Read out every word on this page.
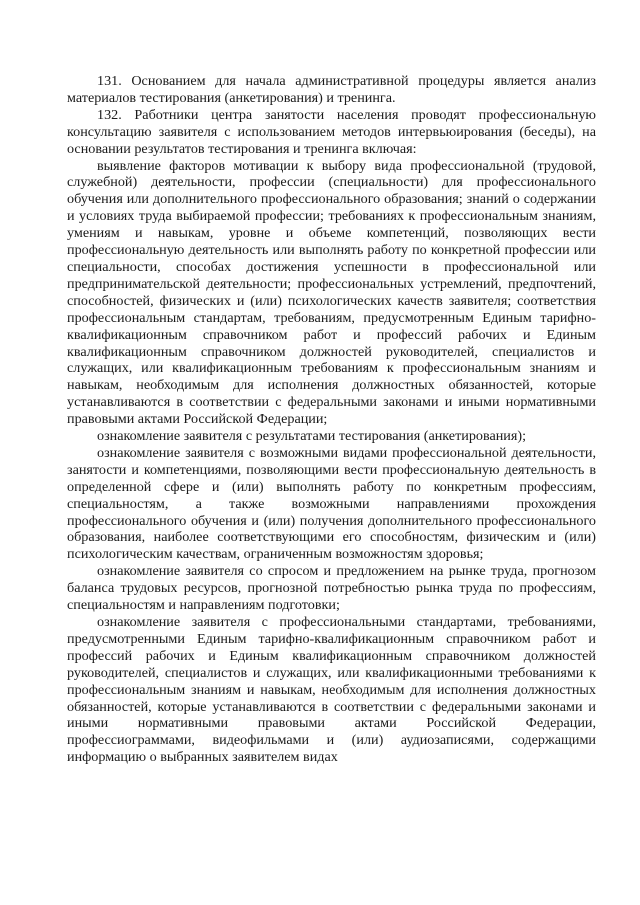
131. Основанием для начала административной процедуры является анализ материалов тестирования (анкетирования) и тренинга.

132. Работники центра занятости населения проводят профессиональную консультацию заявителя с использованием методов интервьюирования (беседы), на основании результатов тестирования и тренинга включая:

выявление факторов мотивации к выбору вида профессиональной (трудовой, служебной) деятельности, профессии (специальности) для профессионального обучения или дополнительного профессионального образования; знаний о содержании и условиях труда выбираемой профессии; требованиях к профессиональным знаниям, умениям и навыкам, уровне и объеме компетенций, позволяющих вести профессиональную деятельность или выполнять работу по конкретной профессии или специальности, способах достижения успешности в профессиональной или предпринимательской деятельности; профессиональных устремлений, предпочтений, способностей, физических и (или) психологических качеств заявителя; соответствия профессиональным стандартам, требованиям, предусмотренным Единым тарифно-квалификационным справочником работ и профессий рабочих и Единым квалификационным справочником должностей руководителей, специалистов и служащих, или квалификационным требованиям к профессиональным знаниям и навыкам, необходимым для исполнения должностных обязанностей, которые устанавливаются в соответствии с федеральными законами и иными нормативными правовыми актами Российской Федерации;

ознакомление заявителя с результатами тестирования (анкетирования);

ознакомление заявителя с возможными видами профессиональной деятельности, занятости и компетенциями, позволяющими вести профессиональную деятельность в определенной сфере и (или) выполнять работу по конкретным профессиям, специальностям, а также возможными направлениями прохождения профессионального обучения и (или) получения дополнительного профессионального образования, наиболее соответствующими его способностям, физическим и (или) психологическим качествам, ограниченным возможностям здоровья;

ознакомление заявителя со спросом и предложением на рынке труда, прогнозом баланса трудовых ресурсов, прогнозной потребностью рынка труда по профессиям, специальностям и направлениям подготовки;

ознакомление заявителя с профессиональными стандартами, требованиями, предусмотренными Единым тарифно-квалификационным справочником работ и профессий рабочих и Единым квалификационным справочником должностей руководителей, специалистов и служащих, или квалификационными требованиями к профессиональным знаниям и навыкам, необходимым для исполнения должностных обязанностей, которые устанавливаются в соответствии с федеральными законами и иными нормативными правовыми актами Российской Федерации, профессиограммами, видеофильмами и (или) аудиозаписями, содержащими информацию о выбранных заявителем видах
